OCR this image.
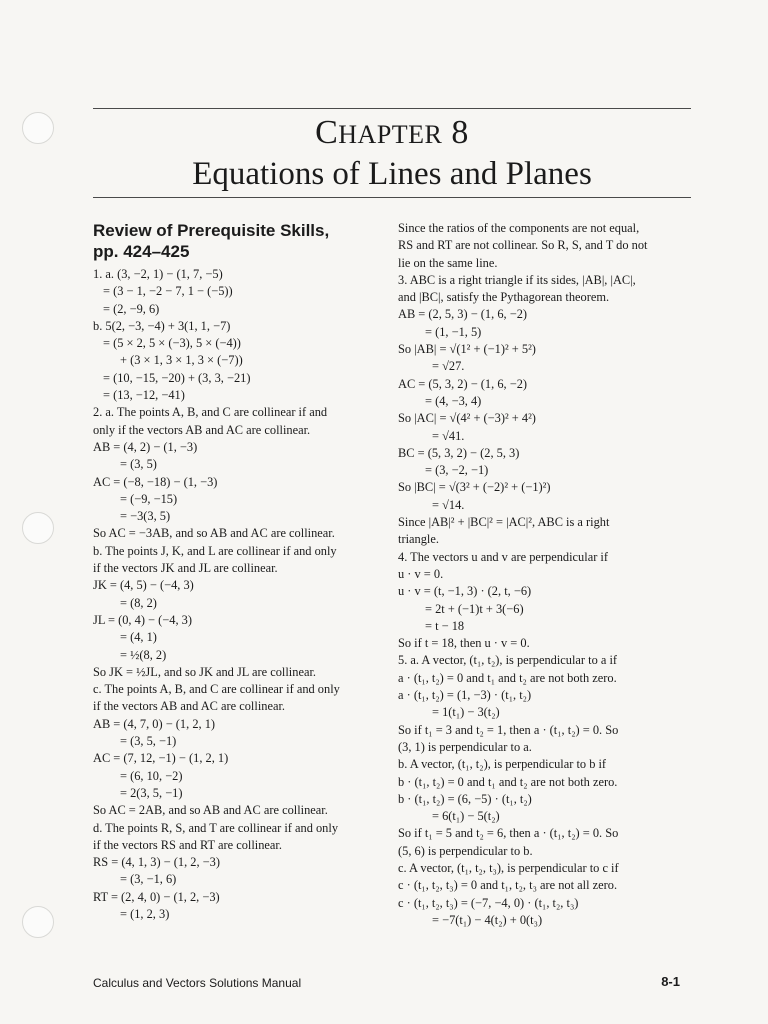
CHAPTER 8
Equations of Lines and Planes
Review of Prerequisite Skills,
pp. 424–425
1. a. (3, −2, 1) − (1, 7, −5)
= (3 − 1, −2 − 7, 1 − (−5))
= (2, −9, 6)
b. 5(2, −3, −4) + 3(1, 1, −7)
= (5 × 2, 5 × (−3), 5 × (−4))
+ (3 × 1, 3 × 1, 3 × (−7))
= (10, −15, −20) + (3, 3, −21)
= (13, −12, −41)
2. a. The points A, B, and C are collinear if and
only if the vectors AB and AC are collinear.
AB = (4, 2) − (1, −3)
= (3, 5)
AC = (−8, −18) − (1, −3)
= (−9, −15)
= −3(3, 5)
So AC = −3AB, and so AB and AC are collinear.
b. The points J, K, and L are collinear if and only
if the vectors JK and JL are collinear.
JK = (4, 5) − (−4, 3)
= (8, 2)
JL = (0, 4) − (−4, 3)
= (4, 1)
= ½(8, 2)
So JK = ½JL, and so JK and JL are collinear.
c. The points A, B, and C are collinear if and only
if the vectors AB and AC are collinear.
AB = (4, 7, 0) − (1, 2, 1)
= (3, 5, −1)
AC = (7, 12, −1) − (1, 2, 1)
= (6, 10, −2)
= 2(3, 5, −1)
So AC = 2AB, and so AB and AC are collinear.
d. The points R, S, and T are collinear if and only
if the vectors RS and RT are collinear.
RS = (4, 1, 3) − (1, 2, −3)
= (3, −1, 6)
RT = (2, 4, 0) − (1, 2, −3)
= (1, 2, 3)
Since the ratios of the components are not equal,
RS and RT are not collinear. So R, S, and T do not
lie on the same line.
3. ABC is a right triangle if its sides, |AB|, |AC|,
and |BC|, satisfy the Pythagorean theorem.
AB = (2, 5, 3) − (1, 6, −2)
= (1, −1, 5)
So |AB| = √(1² + (−1)² + 5²)
= √27.
AC = (5, 3, 2) − (1, 6, −2)
= (4, −3, 4)
So |AC| = √(4² + (−3)² + 4²)
= √41.
BC = (5, 3, 2) − (2, 5, 3)
= (3, −2, −1)
So |BC| = √(3² + (−2)² + (−1)²)
= √14.
Since |AB|² + |BC|² = |AC|², ABC is a right
triangle.
4. The vectors u and v are perpendicular if
u · v = 0.
u · v = (t, −1, 3) · (2, t, −6)
= 2t + (−1)t + 3(−6)
= t − 18
So if t = 18, then u · v = 0.
5. a. A vector, (t₁, t₂), is perpendicular to a if
a · (t₁, t₂) = 0 and t₁ and t₂ are not both zero.
a · (t₁, t₂) = (1, −3) · (t₁, t₂)
= 1(t₁) − 3(t₂)
So if t₁ = 3 and t₂ = 1, then a · (t₁, t₂) = 0. So
(3, 1) is perpendicular to a.
b. A vector, (t₁, t₂), is perpendicular to b if
b · (t₁, t₂) = 0 and t₁ and t₂ are not both zero.
b · (t₁, t₂) = (6, −5) · (t₁, t₂)
= 6(t₁) − 5(t₂)
So if t₁ = 5 and t₂ = 6, then a · (t₁, t₂) = 0. So
(5, 6) is perpendicular to b.
c. A vector, (t₁, t₂, t₃), is perpendicular to c if
c · (t₁, t₂, t₃) = 0 and t₁, t₂, t₃ are not all zero.
c · (t₁, t₂, t₃) = (−7, −4, 0) · (t₁, t₂, t₃)
= −7(t₁) − 4(t₂) + 0(t₃)
Calculus and Vectors Solutions Manual	8-1
